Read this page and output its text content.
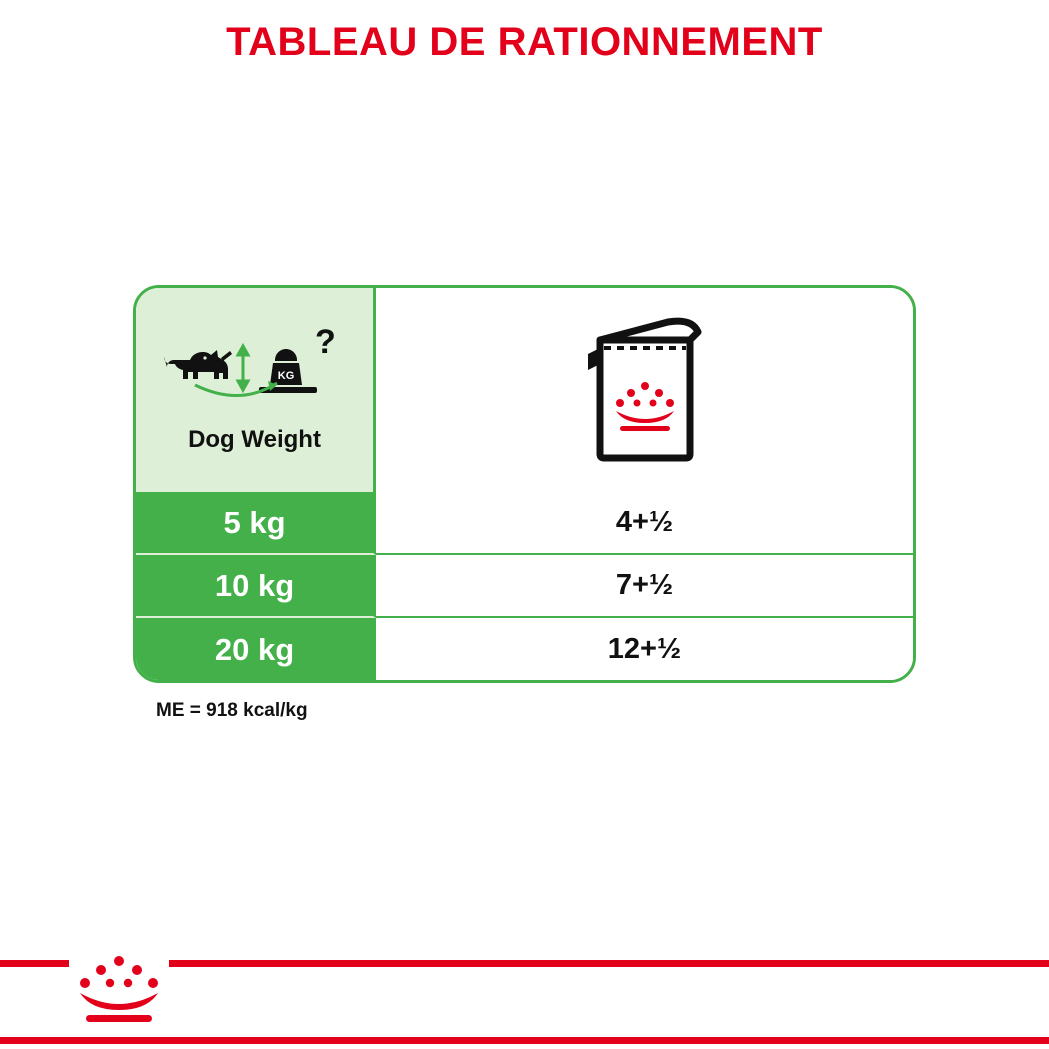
TABLEAU DE RATIONNEMENT
KG
?
Dog Weight
5 kg	4+½
10 kg	7+½
20 kg	12+½
ME = 918 kcal/kg
